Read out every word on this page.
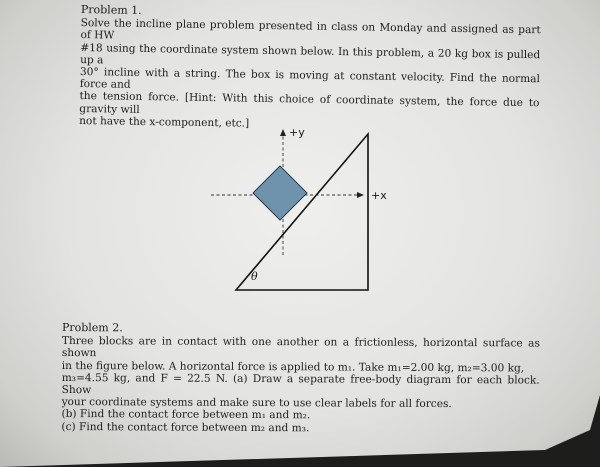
Problem 1.
Solve the incline plane problem presented in class on Monday and assigned as part of HW
#18 using the coordinate system shown below. In this problem, a 20 kg box is pulled up a
30° incline with a string. The box is moving at constant velocity. Find the normal force and
the tension force. [Hint: With this choice of coordinate system, the force due to gravity will
not have the x-component, etc.]
+y
+x
θ
Problem 2.
Three blocks are in contact with one another on a frictionless, horizontal surface as shown
in the figure below. A horizontal force is applied to m₁. Take m₁=2.00 kg, m₂=3.00 kg,
m₃=4.55 kg, and F = 22.5 N. (a) Draw a separate free-body diagram for each block. Show
your coordinate systems and make sure to use clear labels for all forces.
(b) Find the contact force between m₁ and m₂.
(c) Find the contact force between m₂ and m₃.
